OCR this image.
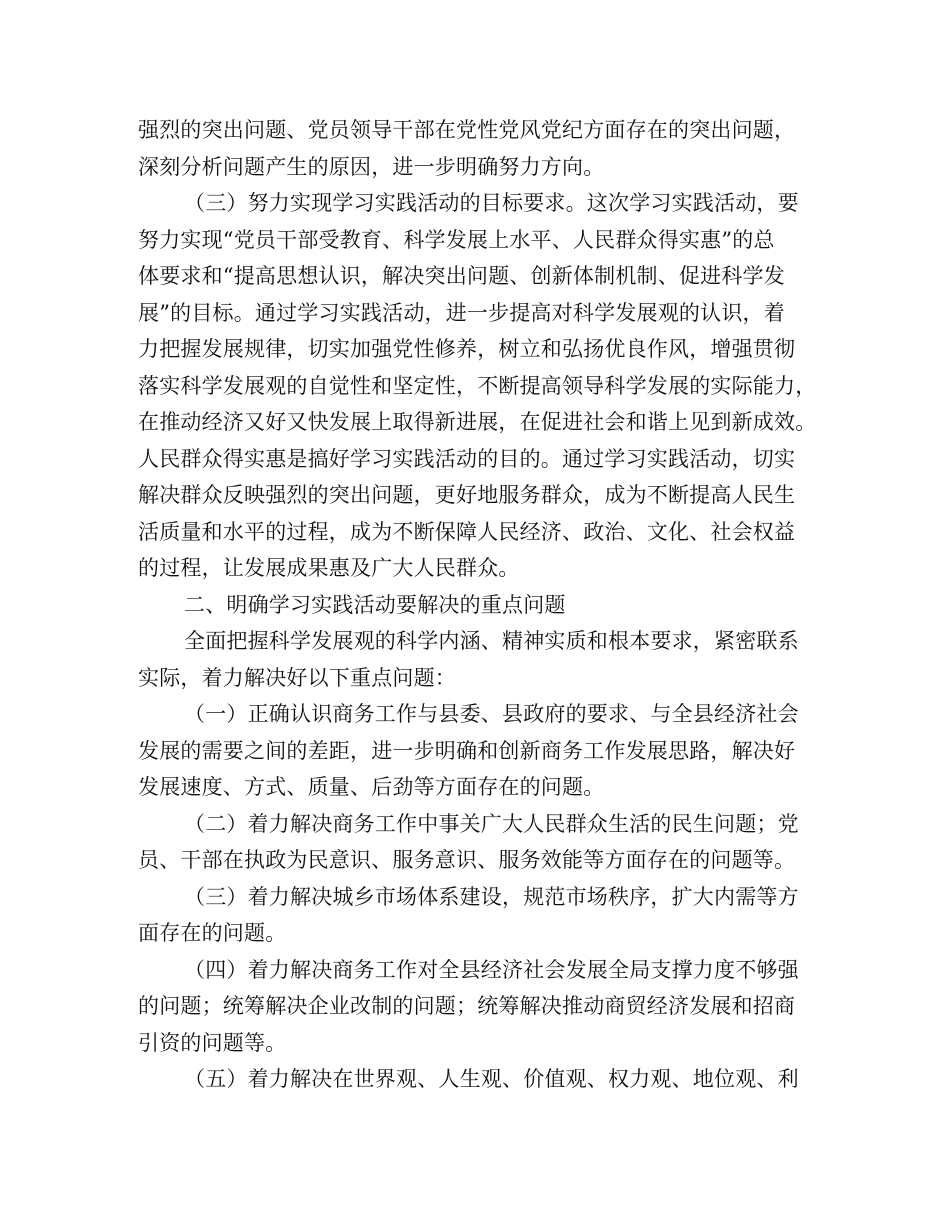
强烈的突出问题、党员领导干部在党性党风党纪方面存在的突出问题，
深刻分析问题产生的原因，进一步明确努力方向。
（三）努力实现学习实践活动的目标要求。这次学习实践活动，要
努力实现“党员干部受教育、科学发展上水平、人民群众得实惠”的总
体要求和“提高思想认识，解决突出问题、创新体制机制、促进科学发
展”的目标。通过学习实践活动，进一步提高对科学发展观的认识，着
力把握发展规律，切实加强党性修养，树立和弘扬优良作风，增强贯彻
落实科学发展观的自觉性和坚定性，不断提高领导科学发展的实际能力，
在推动经济又好又快发展上取得新进展，在促进社会和谐上见到新成效。
人民群众得实惠是搞好学习实践活动的目的。通过学习实践活动，切实
解决群众反映强烈的突出问题，更好地服务群众，成为不断提高人民生
活质量和水平的过程，成为不断保障人民经济、政治、文化、社会权益
的过程，让发展成果惠及广大人民群众。
二、明确学习实践活动要解决的重点问题
全面把握科学发展观的科学内涵、精神实质和根本要求，紧密联系
实际，着力解决好以下重点问题：
（一）正确认识商务工作与县委、县政府的要求、与全县经济社会
发展的需要之间的差距，进一步明确和创新商务工作发展思路，解决好
发展速度、方式、质量、后劲等方面存在的问题。
（二）着力解决商务工作中事关广大人民群众生活的民生问题；党
员、干部在执政为民意识、服务意识、服务效能等方面存在的问题等。
（三）着力解决城乡市场体系建设，规范市场秩序，扩大内需等方
面存在的问题。
（四）着力解决商务工作对全县经济社会发展全局支撑力度不够强
的问题；统筹解决企业改制的问题；统筹解决推动商贸经济发展和招商
引资的问题等。
（五）着力解决在世界观、人生观、价值观、权力观、地位观、利
